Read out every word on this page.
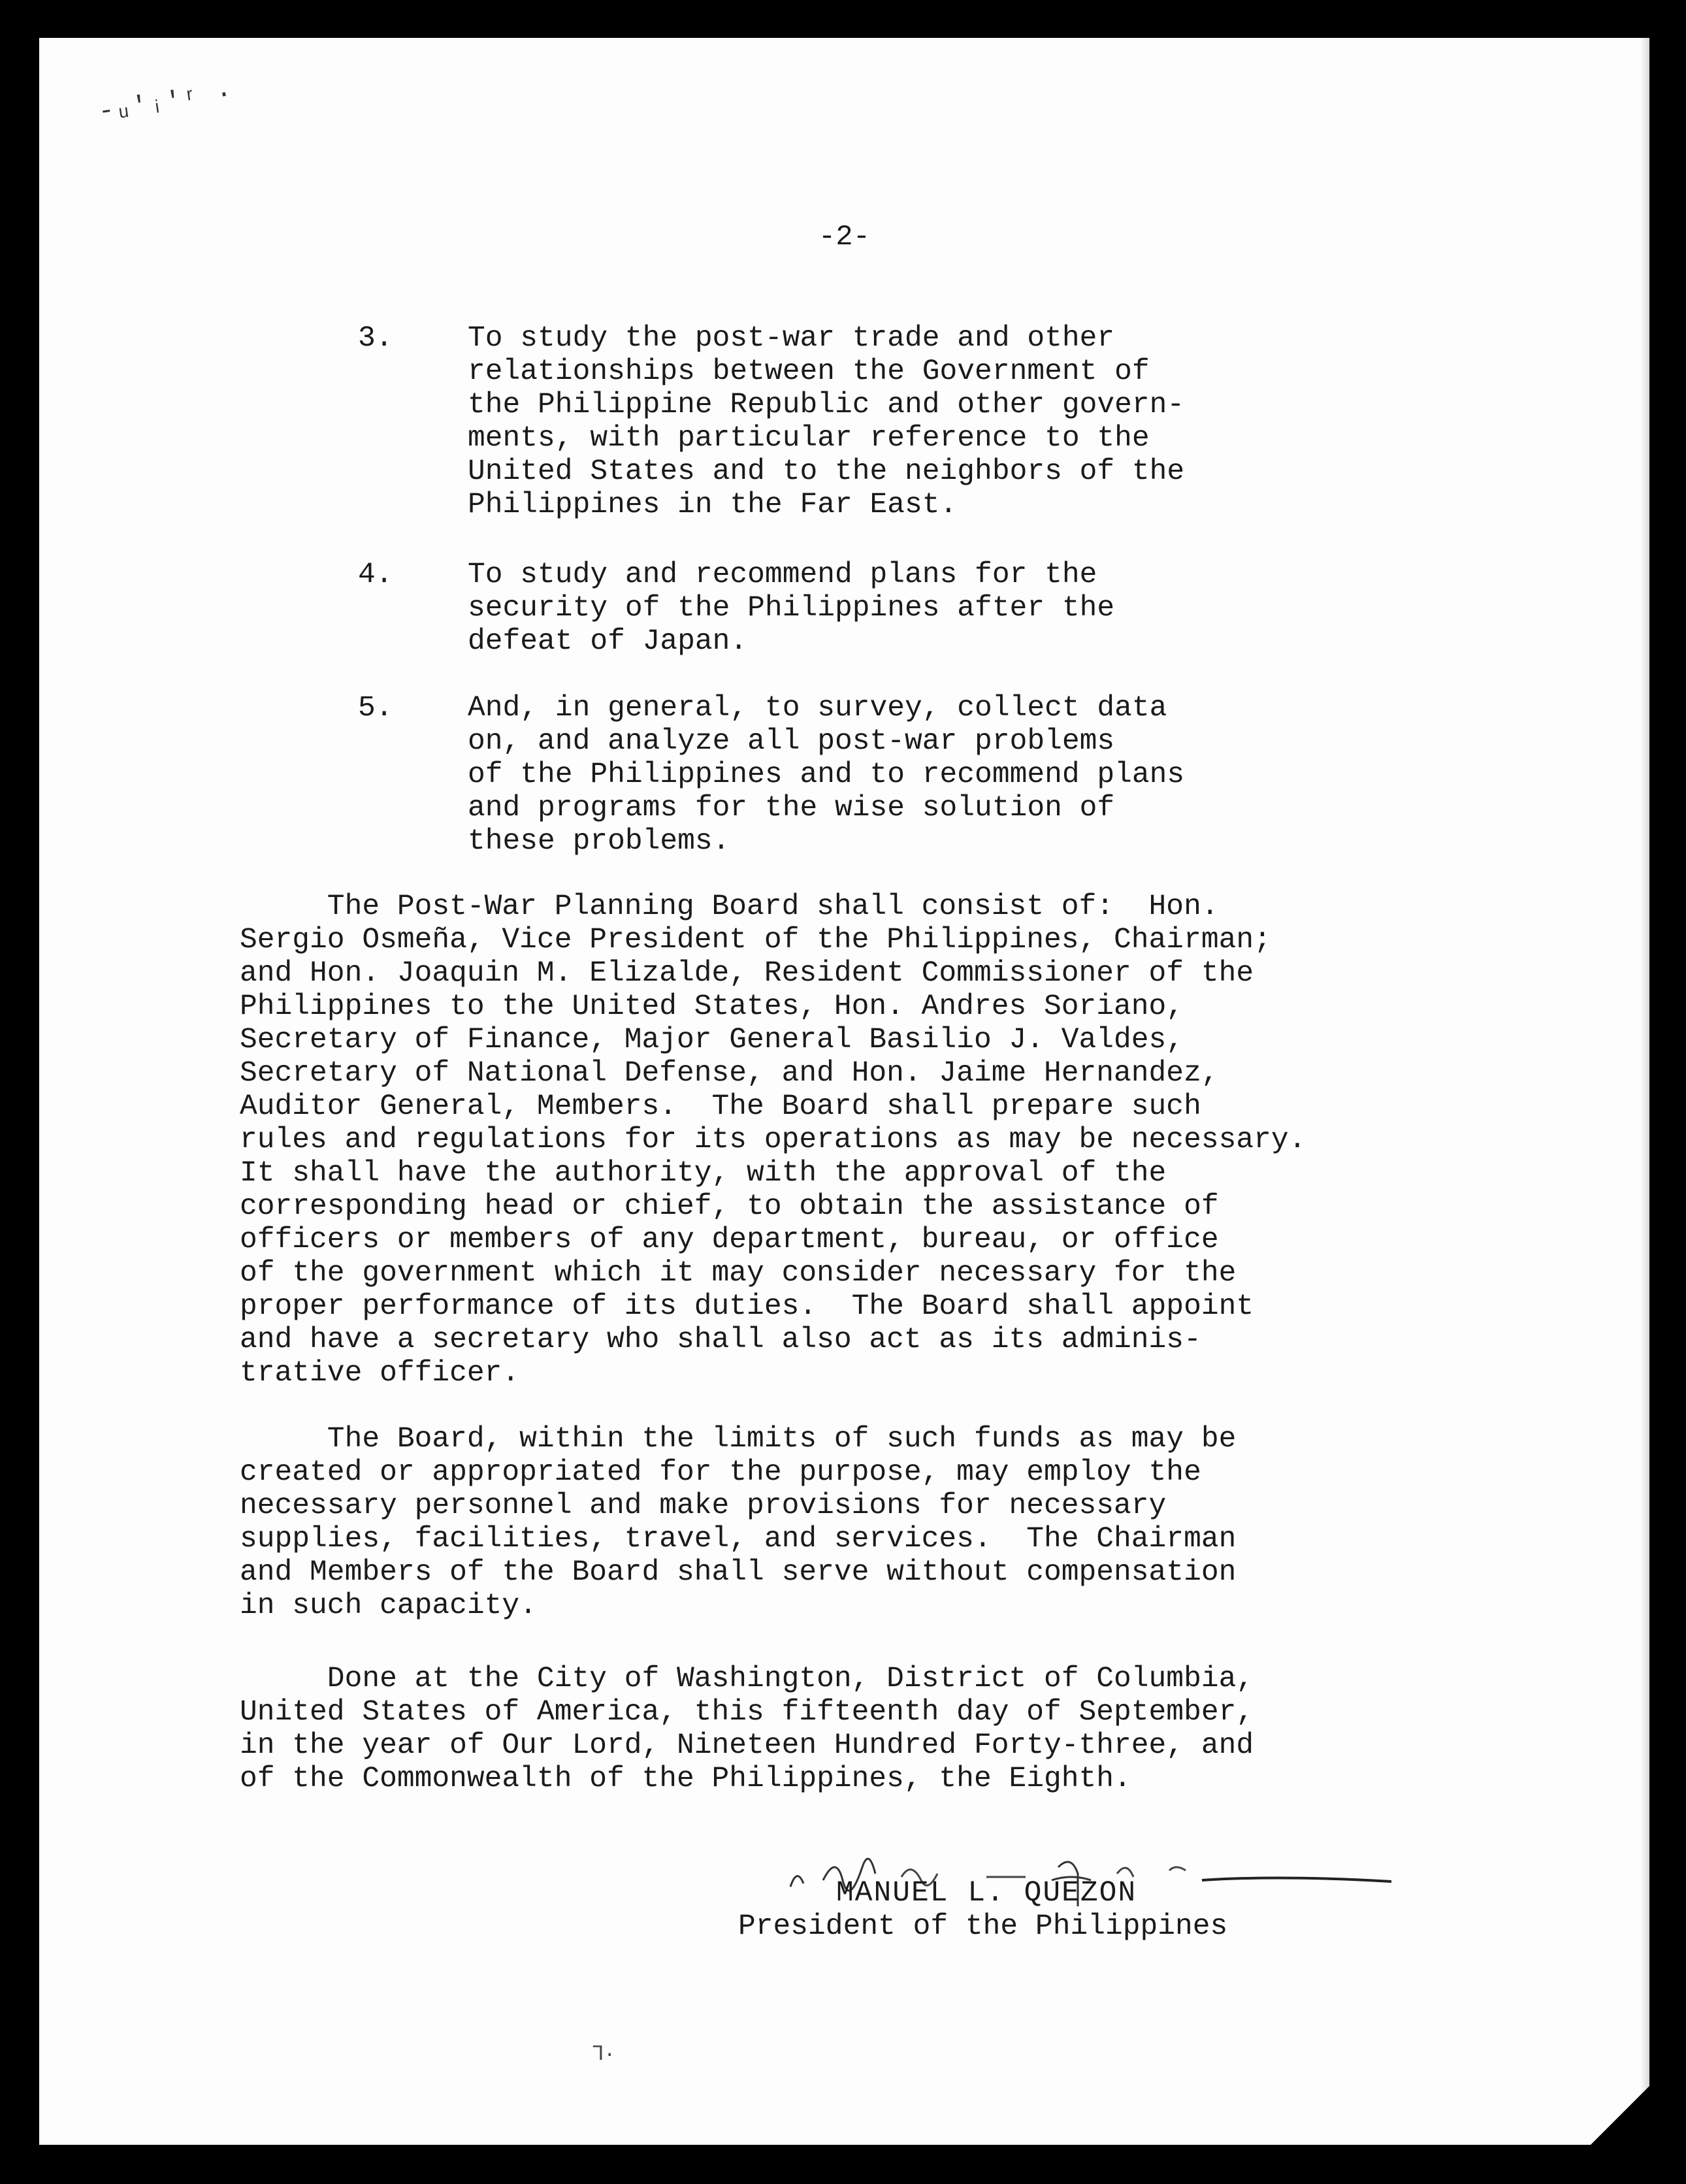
-ᵤ'ᵢ'ʳ ·
-2-

3.

	To study the post-war trade and other
relationships between the Government of
the Philippine Republic and other govern-
ments, with particular reference to the
United States and to the neighbors of the
Philippines in the Far East.

4.

	To study and recommend plans for the
security of the Philippines after the
defeat of Japan.

5.

	And, in general, to survey, collect data
on, and analyze all post-war problems
of the Philippines and to recommend plans
and programs for the wise solution of
these problems.

The Post-War Planning Board shall consist of:  Hon.
Sergio Osmeña, Vice President of the Philippines, Chairman;
and Hon. Joaquin M. Elizalde, Resident Commissioner of the
Philippines to the United States, Hon. Andres Soriano,
Secretary of Finance, Major General Basilio J. Valdes,
Secretary of National Defense, and Hon. Jaime Hernandez,
Auditor General, Members.  The Board shall prepare such
rules and regulations for its operations as may be necessary.
It shall have the authority, with the approval of the
corresponding head or chief, to obtain the assistance of
officers or members of any department, bureau, or office
of the government which it may consider necessary for the
proper performance of its duties.  The Board shall appoint
and have a secretary who shall also act as its adminis-
trative officer.
The Board, within the limits of such funds as may be
created or appropriated for the purpose, may employ the
necessary personnel and make provisions for necessary
supplies, facilities, travel, and services.  The Chairman
and Members of the Board shall serve without compensation
in such capacity.
Done at the City of Washington, District of Columbia,
United States of America, this fifteenth day of September,
in the year of Our Lord, Nineteen Hundred Forty-three, and
of the Commonwealth of the Philippines, the Eighth.
MANUEL L. QUEZON
President of the Philippines
ᒣ·
